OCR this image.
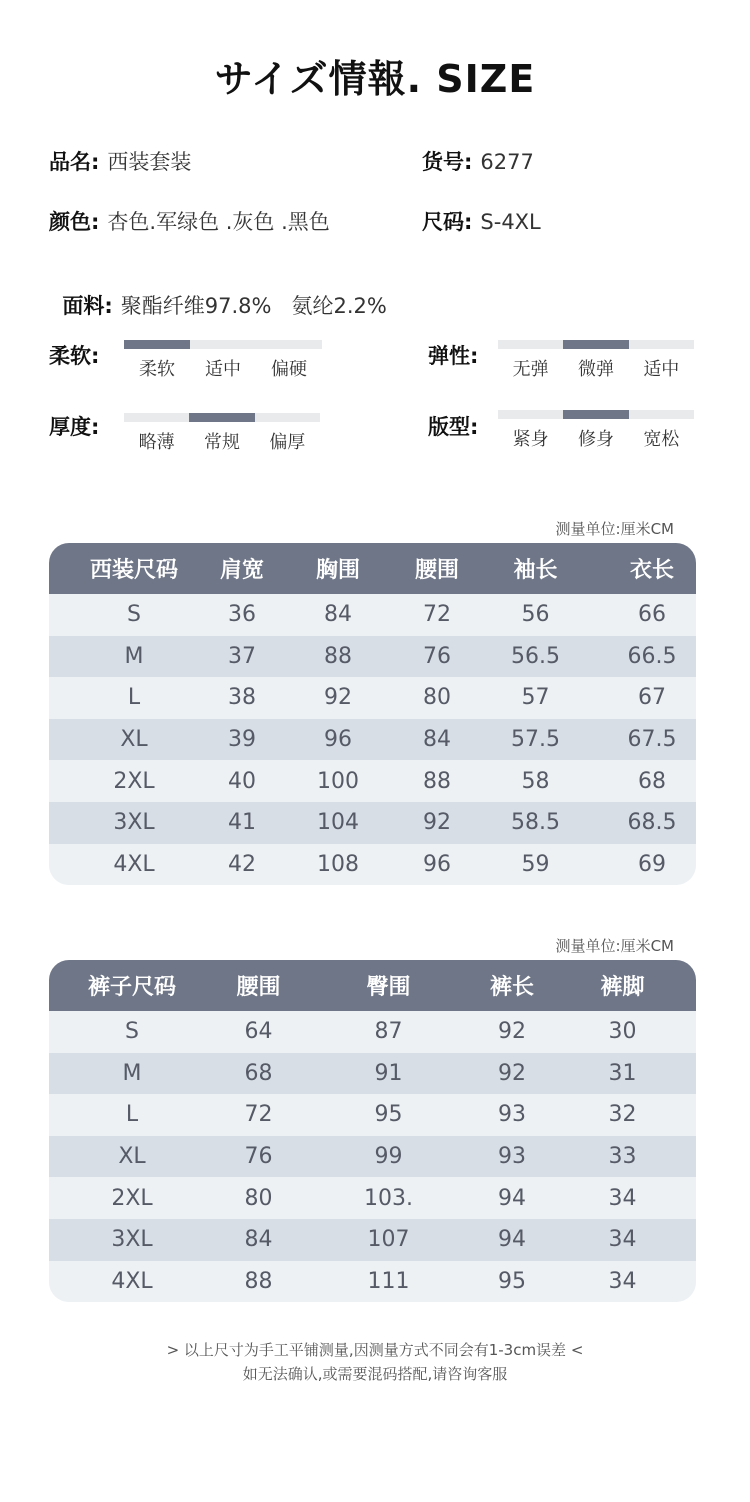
サイズ情報. SIZE
品名: 西装套装	货号: 6277
颜色: 杏色.军绿色 .灰色 .黑色	尺码: S-4XL

面料: 聚酯纤维97.8%   氨纶2.2%

柔软:
柔软	适中	偏硬
弹性:
无弹	微弹	适中
厚度:
略薄	常规	偏厚
版型:
紧身	修身	宽松
测量单位:厘米CM
西装尺码	肩宽	胸围	腰围	袖长	衣长
S	36	84	72	56	66
M	37	88	76	56.5	66.5
L	38	92	80	57	67
XL	39	96	84	57.5	67.5
2XL	40	100	88	58	68
3XL	41	104	92	58.5	68.5
4XL	42	108	96	59	69
测量单位:厘米CM
裤子尺码	腰围	臀围	裤长	裤脚
S	64	87	92	30
M	68	91	92	31
L	72	95	93	32
XL	76	99	93	33
2XL	80	103.	94	34
3XL	84	107	94	34
4XL	88	111	95	34
> 以上尺寸为手工平铺测量,因测量方式不同会有1-3cm误差 <
如无法确认,或需要混码搭配,请咨询客服
